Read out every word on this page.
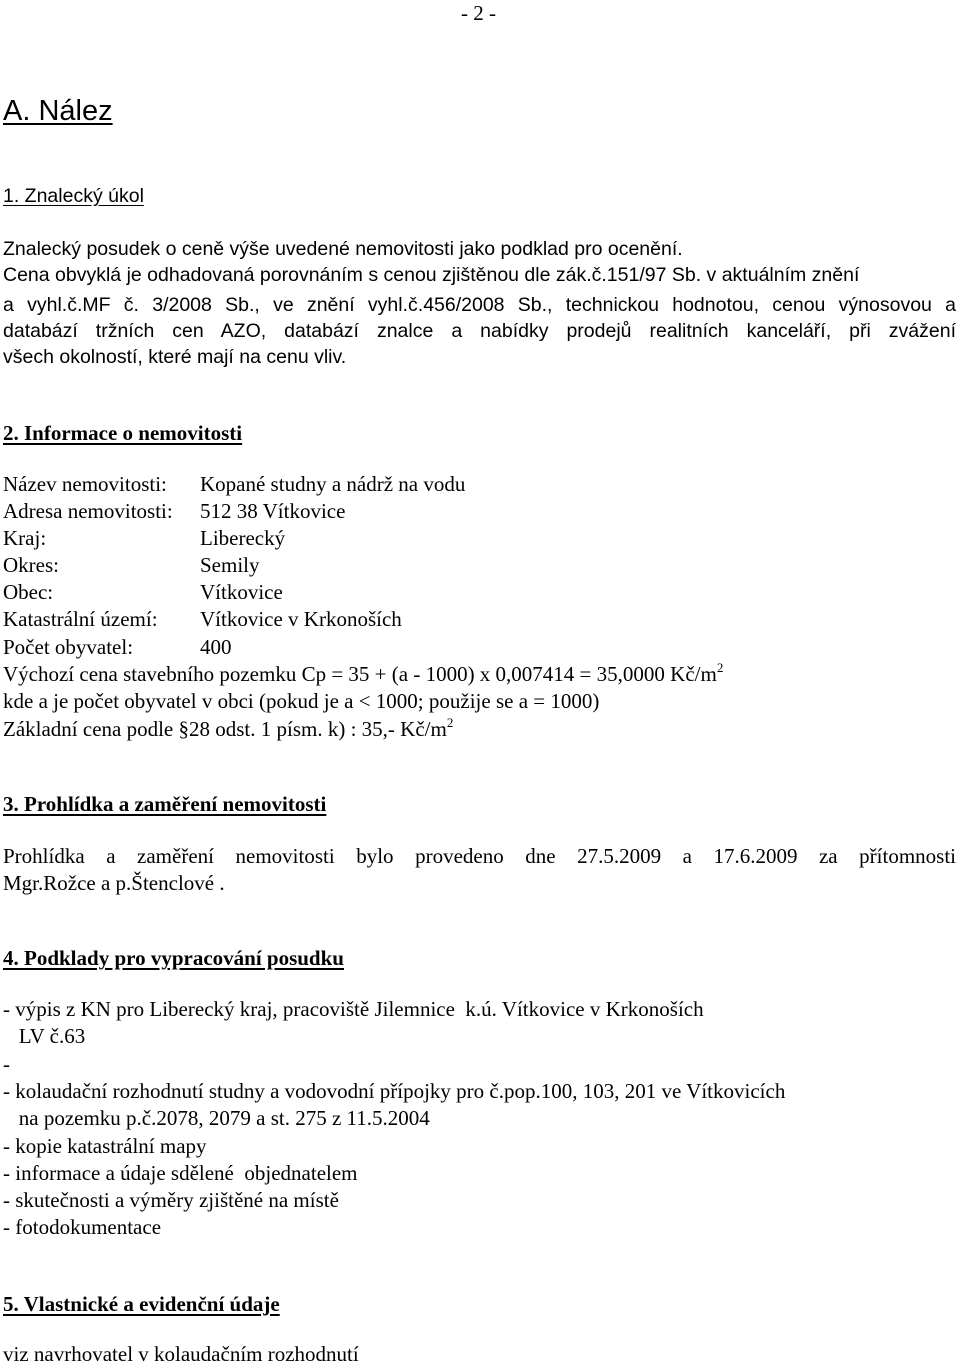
- 2 -
A. Nález
1. Znalecký úkol
Znalecký posudek o ceně výše uvedené nemovitosti jako podklad pro ocenění.
Cena obvyklá je odhadovaná porovnáním s cenou zjištěnou dle zák.č.151/97 Sb. v aktuálním znění
a vyhl.č.MF č. 3/2008 Sb., ve znění vyhl.č.456/2008 Sb., technickou hodnotou, cenou výnosovou a
databází tržních cen AZO, databází znalce a nabídky prodejů realitních kanceláří, při zvážení
všech okolností, které mají na cenu vliv.
2. Informace o nemovitosti
Název nemovitosti: Kopané studny a nádrž na vodu
Adresa nemovitosti: 512 38 Vítkovice
Kraj:	Liberecký
Okres:	Semily
Obec:	Vítkovice
Katastrální území: Vítkovice v Krkonoších
Počet obyvatel:	400
Výchozí cena stavebního pozemku Cp = 35 + (a - 1000) x 0,007414 = 35,0000 $Kč/m^2$
kde a je počet obyvatel v obci (pokud je a < 1000; použije se a = 1000)
Základní cena podle §28 odst. 1 písm. k) : 35,- $Kč/m^2$
3. Prohlídka a zaměření nemovitosti
Prohlídka a zaměření nemovitosti bylo provedeno dne 27.5.2009 a 17.6.2009 za přítomnosti
Mgr.Rožce a p.Štenclové .
4. Podklady pro vypracování posudku
- výpis z KN pro Liberecký kraj, pracoviště Jilemnice  k.ú. Vítkovice v Krkonoších
LV č.63
-
- kolaudační rozhodnutí studny a vodovodní přípojky pro č.pop.100, 103, 201 ve Vítkovicích
na pozemku p.č.2078, 2079 a st. 275 z 11.5.2004
- kopie katastrální mapy
- informace a údaje sdělené  objednatelem
- skutečnosti a výměry zjištěné na místě
- fotodokumentace
5. Vlastnické a evidenční údaje
viz navrhovatel v kolaudačním rozhodnutí
